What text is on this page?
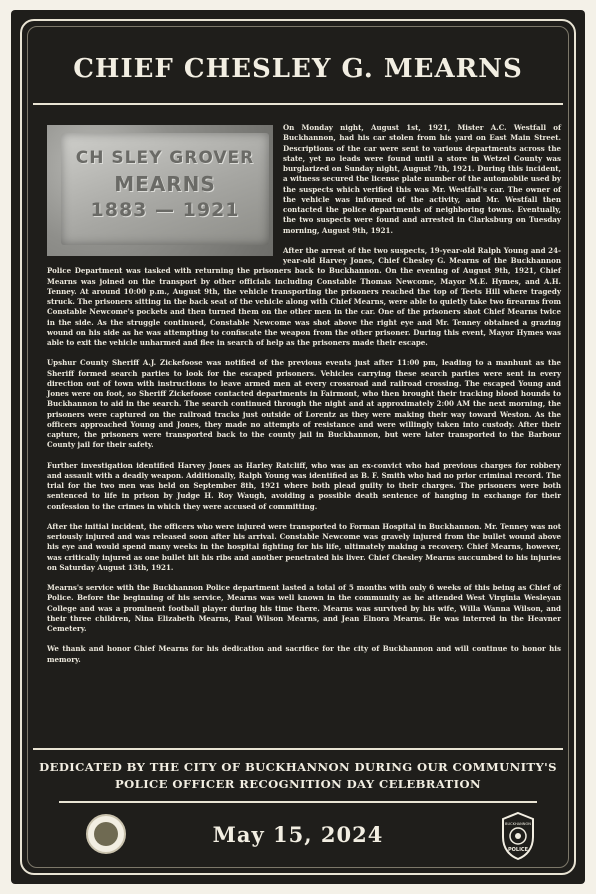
CHIEF CHESLEY G. MEARNS

CH SLEY GROVER
MEARNS
1883 — 1921
On Monday night, August 1st, 1921, Mister A.C. Westfall of Buckhannon, had his car stolen from his yard on East Main Street. Descriptions of the car were sent to various departments across the state, yet no leads were found until a store in Wetzel County was burglarized on Sunday night, August 7th, 1921. During this incident, a witness secured the license plate number of the automobile used by the suspects which verified this was Mr. Westfall's car. The owner of the vehicle was informed of the activity, and Mr. Westfall then contacted the police departments of neighboring towns. Eventually, the two suspects were found and arrested in Clarksburg on Tuesday morning, August 9th, 1921.

After the arrest of the two suspects, 19-year-old Ralph Young and 24-year-old Harvey Jones, Chief Chesley G. Mearns of the Buckhannon Police Department was tasked with returning the prisoners back to Buckhannon. On the evening of August 9th, 1921, Chief Mearns was joined on the transport by other officials including Constable Thomas Newcome, Mayor M.E. Hymes, and A.H. Tenney. At around 10:00 p.m., August 9th, the vehicle transporting the prisoners reached the top of Teets Hill where tragedy struck. The prisoners sitting in the back seat of the vehicle along with Chief Mearns, were able to quietly take two firearms from Constable Newcome's pockets and then turned them on the other men in the car. One of the prisoners shot Chief Mearns twice in the side. As the struggle continued, Constable Newcome was shot above the right eye and Mr. Tenney obtained a grazing wound on his side as he was attempting to confiscate the weapon from the other prisoner. During this event, Mayor Hymes was able to exit the vehicle unharmed and flee in search of help as the prisoners made their escape.

Upshur County Sheriff A.J. Zickefoose was notified of the previous events just after 11:00 pm, leading to a manhunt as the Sheriff formed search parties to look for the escaped prisoners. Vehicles carrying these search parties were sent in every direction out of town with instructions to leave armed men at every crossroad and railroad crossing. The escaped Young and Jones were on foot, so Sheriff Zickefoose contacted departments in Fairmont, who then brought their tracking blood hounds to Buckhannon to aid in the search. The search continued through the night and at approximately 2:00 AM the next morning, the prisoners were captured on the railroad tracks just outside of Lorentz as they were making their way toward Weston. As the officers approached Young and Jones, they made no attempts of resistance and were willingly taken into custody. After their capture, the prisoners were transported back to the county jail in Buckhannon, but were later transported to the Barbour County jail for their safety.

Further investigation identified Harvey Jones as Harley Ratcliff, who was an ex-convict who had previous charges for robbery and assault with a deadly weapon. Additionally, Ralph Young was identified as B. F. Smith who had no prior criminal record. The trial for the two men was held on September 8th, 1921 where both plead guilty to their charges. The prisoners were both sentenced to life in prison by Judge H. Roy Waugh, avoiding a possible death sentence of hanging in exchange for their confession to the crimes in which they were accused of committing.

After the initial incident, the officers who were injured were transported to Forman Hospital in Buckhannon. Mr. Tenney was not seriously injured and was released soon after his arrival. Constable Newcome was gravely injured from the bullet wound above his eye and would spend many weeks in the hospital fighting for his life, ultimately making a recovery. Chief Mearns, however, was critically injured as one bullet hit his ribs and another penetrated his liver. Chief Chesley Mearns succumbed to his injuries on Saturday August 13th, 1921.

Mearns's service with the Buckhannon Police department lasted a total of 5 months with only 6 weeks of this being as Chief of Police. Before the beginning of his service, Mearns was well known in the community as he attended West Virginia Wesleyan College and was a prominent football player during his time there. Mearns was survived by his wife, Willa Wanna Wilson, and their three children, Nina Elizabeth Mearns, Paul Wilson Mearns, and Jean Elnora Mearns. He was interred in the Heavner Cemetery.

We thank and honor Chief Mearns for his dedication and sacrifice for the city of Buckhannon and will continue to honor his memory.

DEDICATED BY THE CITY OF BUCKHANNON DURING OUR COMMUNITY'S
POLICE OFFICER RECOGNITION DAY CELEBRATION
May 15, 2024	BUCKHANNON
POLICE
